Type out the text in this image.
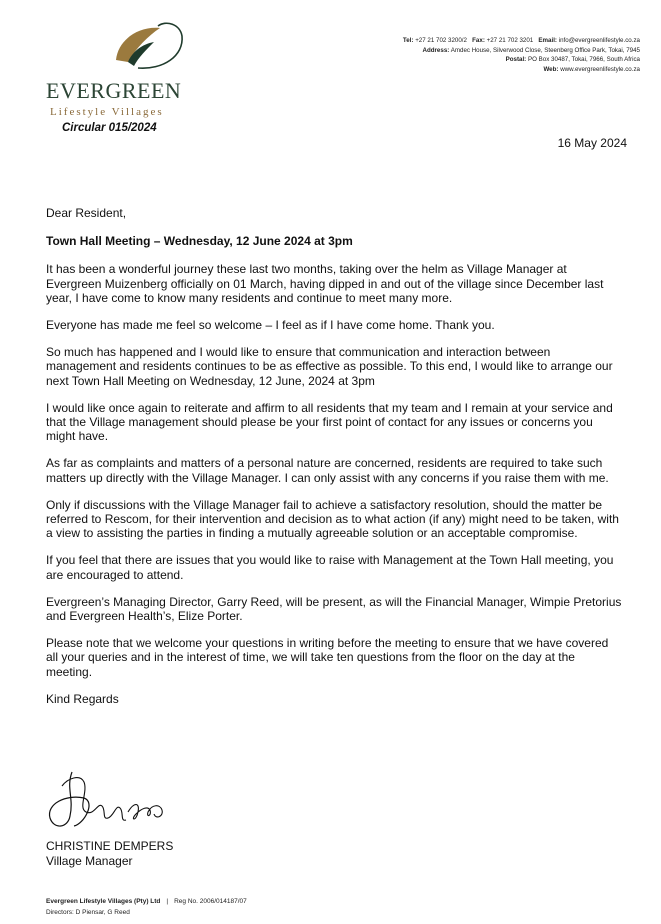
EVERGREEN
Lifestyle Villages
Tel: +27 21 702 3200/2 Fax: +27 21 702 3201 Email: info@evergreenlifestyle.co.za
Address: Amdec House, Silverwood Close, Steenberg Office Park, Tokai, 7945
Postal: PO Box 30487, Tokai, 7966, South Africa
Web: www.evergreenlifestyle.co.za
Circular 015/2024
16 May 2024

Dear Resident,

Town Hall Meeting – Wednesday, 12 June 2024 at 3pm

It has been a wonderful journey these last two months, taking over the helm as Village Manager at Evergreen Muizenberg officially on 01 March, having dipped in and out of the village since December last year, I have come to know many residents and continue to meet many more.

Everyone has made me feel so welcome – I feel as if I have come home. Thank you.

So much has happened and I would like to ensure that communication and interaction between management and residents continues to be as effective as possible. To this end, I would like to arrange our next Town Hall Meeting on Wednesday, 12 June, 2024 at 3pm

I would like once again to reiterate and affirm to all residents that my team and I remain at your service and that the Village management should please be your first point of contact for any issues or concerns you might have.

As far as complaints and matters of a personal nature are concerned, residents are required to take such matters up directly with the Village Manager. I can only assist with any concerns if you raise them with me.

Only if discussions with the Village Manager fail to achieve a satisfactory resolution, should the matter be referred to Rescom, for their intervention and decision as to what action (if any) might need to be taken, with a view to assisting the parties in finding a mutually agreeable solution or an acceptable compromise.

If you feel that there are issues that you would like to raise with Management at the Town Hall meeting, you are encouraged to attend.

Evergreen’s Managing Director, Garry Reed, will be present, as will the Financial Manager, Wimpie Pretorius and Evergreen Health’s, Elize Porter.

Please note that we welcome your questions in writing before the meeting to ensure that we have covered all your queries and in the interest of time, we will take ten questions from the floor on the day at the meeting.

Kind Regards

CHRISTINE DEMPERS
Village Manager
Evergreen Lifestyle Villages (Pty) Ltd | Reg No. 2006/014187/07
Directors: D Piensar, G Reed
